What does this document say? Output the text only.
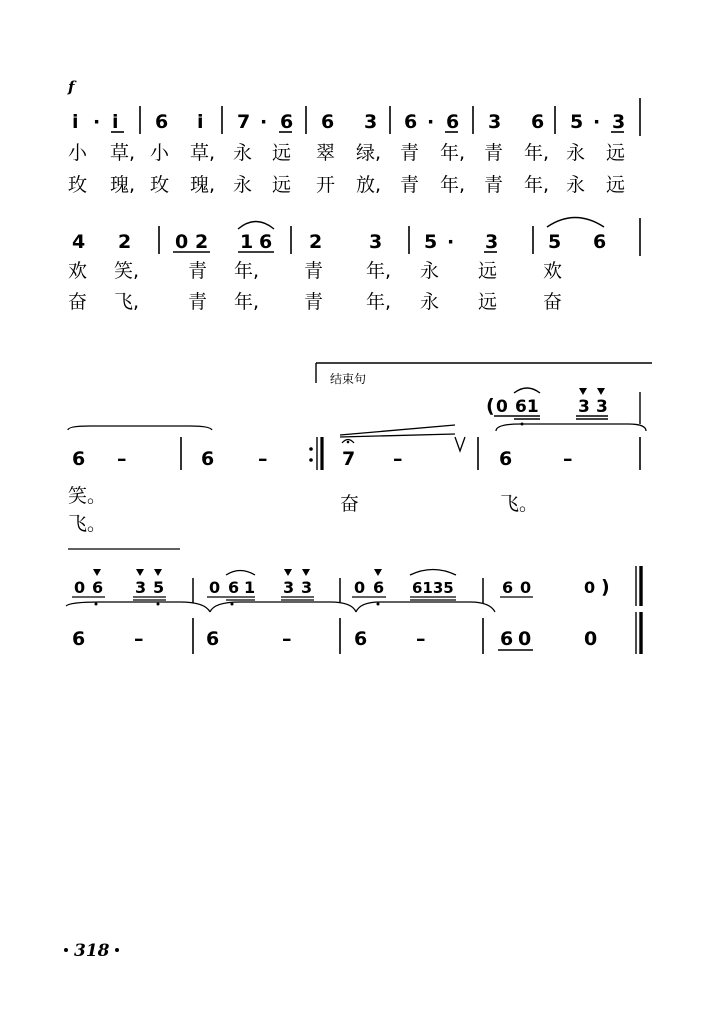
f
i · i 6 i 7 · 6 6 3 6 · 6 3 6 5 · 3
小 草, 小 草, 永 远 翠 绿, 青 年, 青 年, 永 远
玫 瑰, 玫 瑰, 永 远 开 放, 青 年, 青 年, 永 远
4 2 0 2 1 6 2 3 5 · 3	5 6
欢 笑,	青 年, 青 年, 永 远 欢
奋 飞,	青 年, 青 年, 永 远 奋
结束句
( 0 61 3 3
6 –	6 –	7 –	6	–
笑。	奋	飞。
飞。
0 6 3 5	0 6 1 3 3	0 6 6135	6 0	0 )
6	–	6	–	6	–	6 0	0
318
